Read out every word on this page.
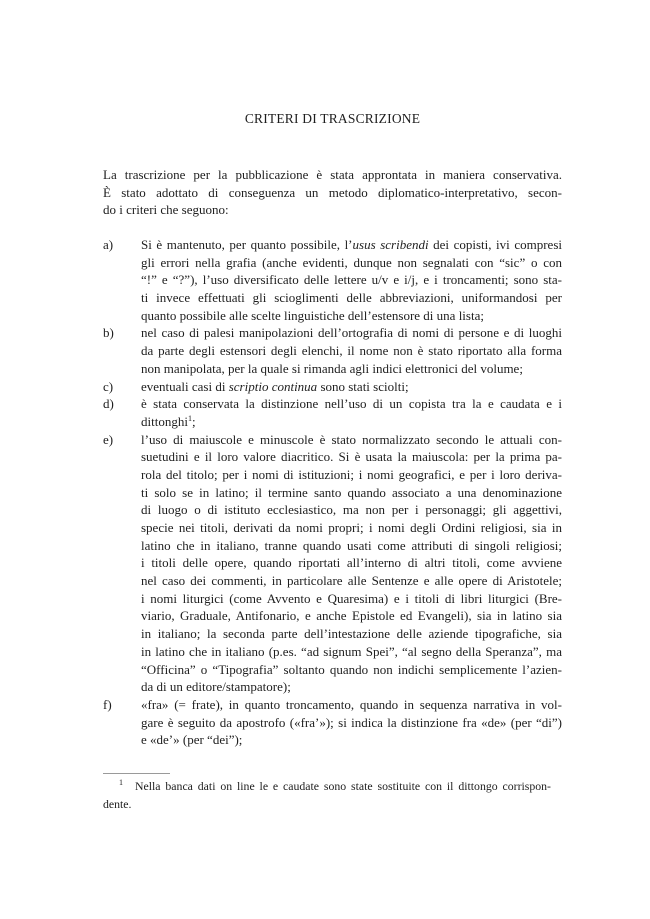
CRITERI DI TRASCRIZIONE
La trascrizione per la pubblicazione è stata approntata in maniera conservativa.
È stato adottato di conseguenza un metodo diplomatico-interpretativo, secon-
do i criteri che seguono:
a)	Si è mantenuto, per quanto possibile, l’usus scribendi dei copisti, ivi compresi
gli errori nella grafia (anche evidenti, dunque non segnalati con “sic” o con
“!” e “?”), l’uso diversificato delle lettere u/v e i/j, e i troncamenti; sono sta-
ti invece effettuati gli scioglimenti delle abbreviazioni, uniformandosi per
quanto possibile alle scelte linguistiche dell’estensore di una lista;
b)	nel caso di palesi manipolazioni dell’ortografia di nomi di persone e di luoghi
da parte degli estensori degli elenchi, il nome non è stato riportato alla forma
non manipolata, per la quale si rimanda agli indici elettronici del volume;
c)	eventuali casi di scriptio continua sono stati sciolti;
d)	è stata conservata la distinzione nell’uso di un copista tra la e caudata e i
dittonghi$^1$;
e)	l’uso di maiuscole e minuscole è stato normalizzato secondo le attuali con-
suetudini e il loro valore diacritico. Si è usata la maiuscola: per la prima pa-
rola del titolo; per i nomi di istituzioni; i nomi geografici, e per i loro deriva-
ti solo se in latino; il termine santo quando associato a una denominazione
di luogo o di istituto ecclesiastico, ma non per i personaggi; gli aggettivi,
specie nei titoli, derivati da nomi propri; i nomi degli Ordini religiosi, sia in
latino che in italiano, tranne quando usati come attributi di singoli religiosi;
i titoli delle opere, quando riportati all’interno di altri titoli, come avviene
nel caso dei commenti, in particolare alle Sentenze e alle opere di Aristotele;
i nomi liturgici (come Avvento e Quaresima) e i titoli di libri liturgici (Bre-
viario, Graduale, Antifonario, e anche Epistole ed Evangeli), sia in latino sia
in italiano; la seconda parte dell’intestazione delle aziende tipografiche, sia
in latino che in italiano (p.es. “ad signum Spei”, “al segno della Speranza”, ma
“Officina” o “Tipografia” soltanto quando non indichi semplicemente l’azien-
da di un editore/stampatore);
f)	«fra» (= frate), in quanto troncamento, quando in sequenza narrativa in vol-
gare è seguito da apostrofo («fra’»); si indica la distinzione fra «de» (per “di”)
e «de’» (per “dei”);
1 Nella banca dati on line le e caudate sono state sostituite con il dittongo corrispon-
dente.
